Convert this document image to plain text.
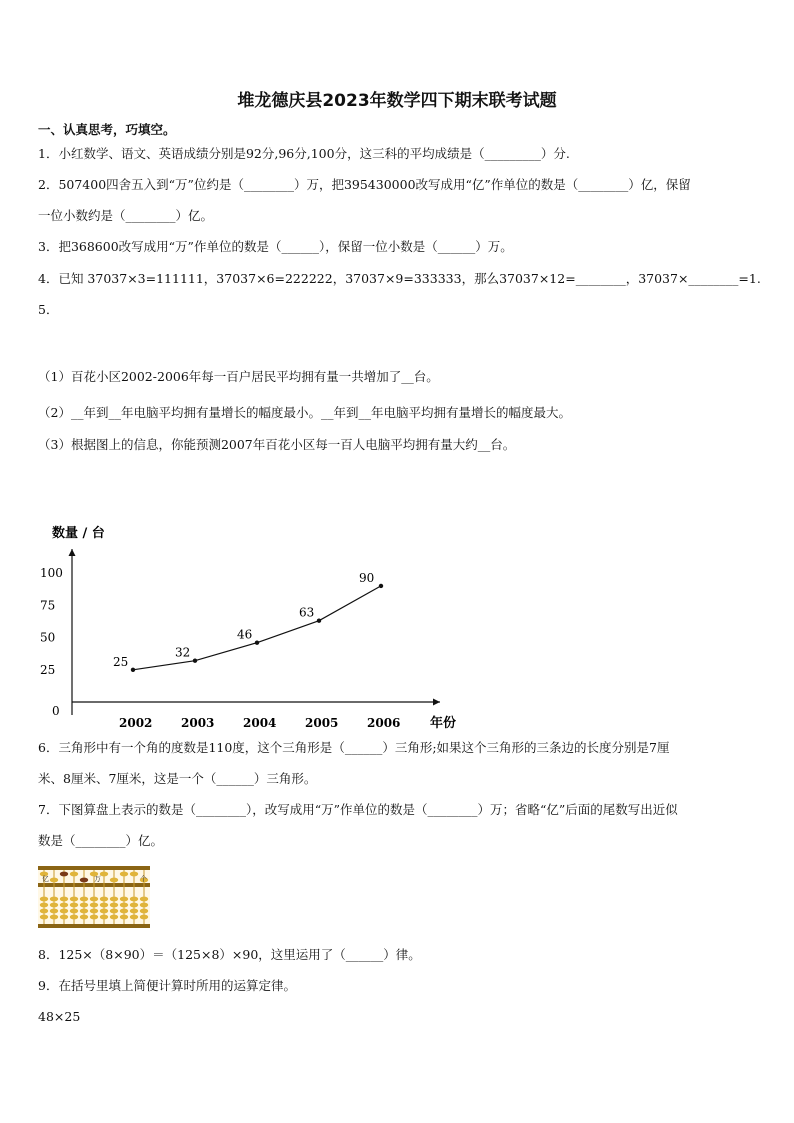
堆龙德庆县2023年数学四下期末联考试题
一、认真思考，巧填空。
1．小红数学、语文、英语成绩分别是92分,96分,100分，这三科的平均成绩是（_________）分.
2．507400四舍五入到“万”位约是（________）万，把395430000改写成用“亿”作单位的数是（________）亿，保留
一位小数约是（________）亿。
3．把368600改写成用“万”作单位的数是（______），保留一位小数是（______）万。
4．已知 37037×3=111111，37037×6=222222，37037×9=333333，那么37037×12=________，37037×________=1.
5．
（1）百花小区2002-2006年每一百户居民平均拥有量一共增加了__台。
（2）__年到__年电脑平均拥有量增长的幅度最小。__年到__年电脑平均拥有量增长的幅度最大。
（3）根据图上的信息，你能预测2007年百花小区每一百人电脑平均拥有量大约__台。
数量 / 台
年份
0
25
50
75
100
2002 2003 2004 2005 2006
25
32
46
63
90
6．三角形中有一个角的度数是110度，这个三角形是（______）三角形;如果这个三角形的三条边的长度分别是7厘
米、8厘米、7厘米，这是一个（______）三角形。
7．下图算盘上表示的数是（________），改写成用“万”作单位的数是（________）万；省略“亿”后面的尾数写出近似
数是（________）亿。
亿	万	个
8．125×（8×90）＝（125×8）×90，这里运用了（______）律。
9．在括号里填上简便计算时所用的运算定律。
48×25
